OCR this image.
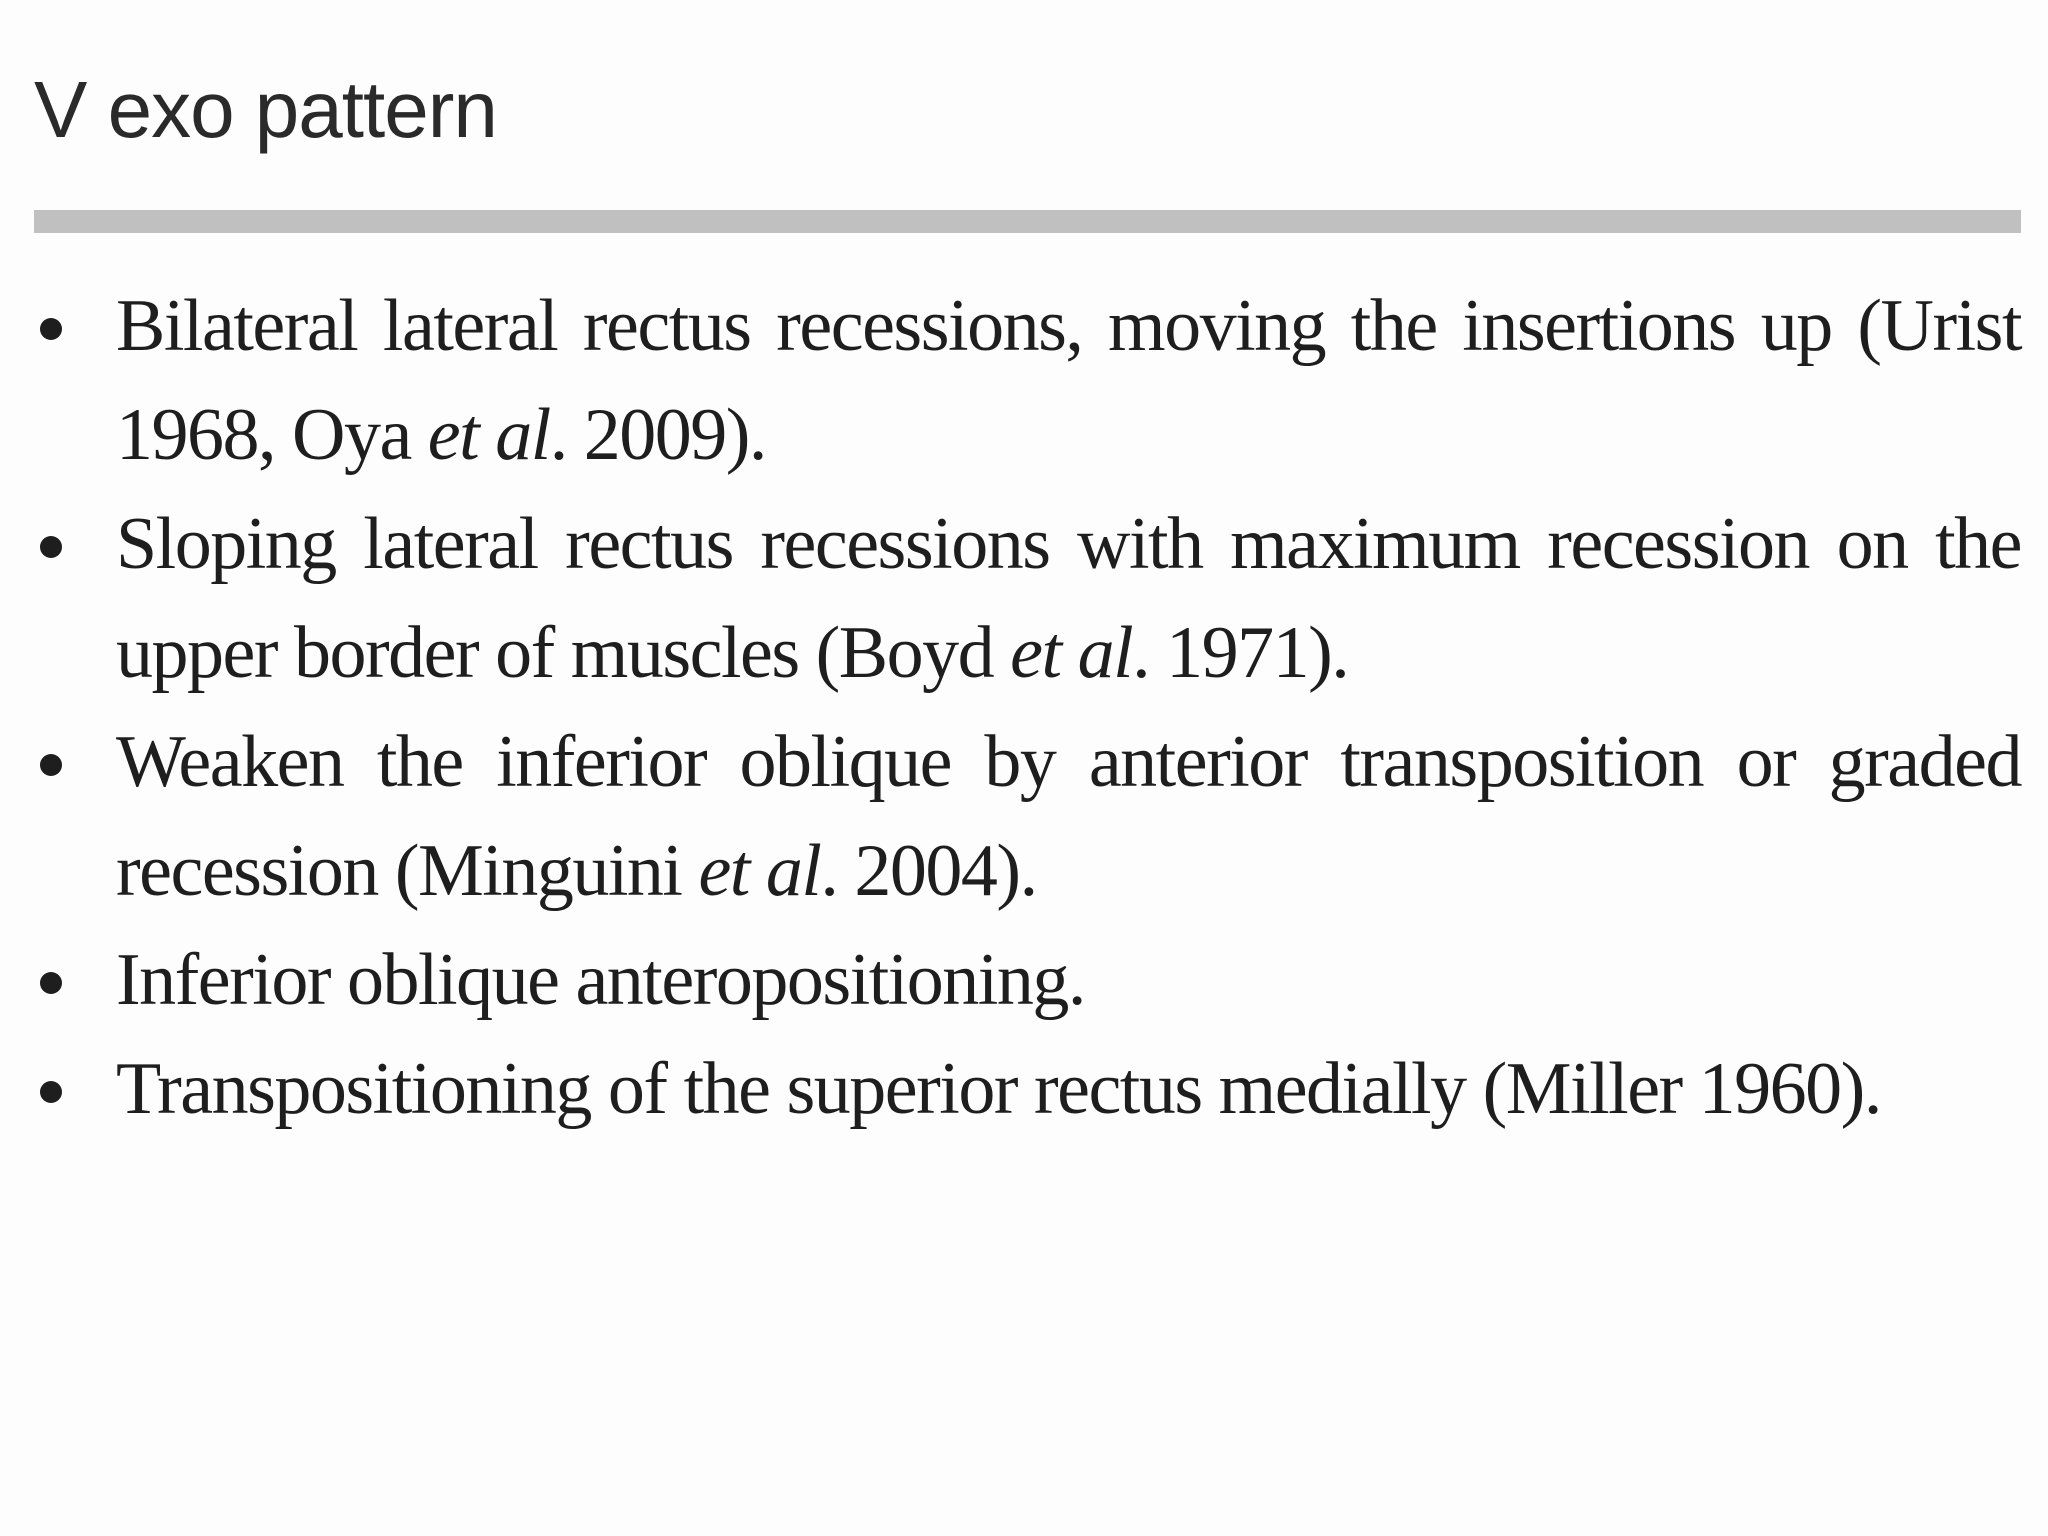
V exo pattern
Bilateral lateral rectus recessions, moving the insertions up (Urist 1968, Oya et al. 2009).
Sloping lateral rectus recessions with maximum recession on the upper border of muscles (Boyd et al. 1971).
Weaken the inferior oblique by anterior transposition or graded recession (Minguini et al. 2004).
Inferior oblique anteropositioning.
Transpositioning of the superior rectus medially (Miller 1960).
